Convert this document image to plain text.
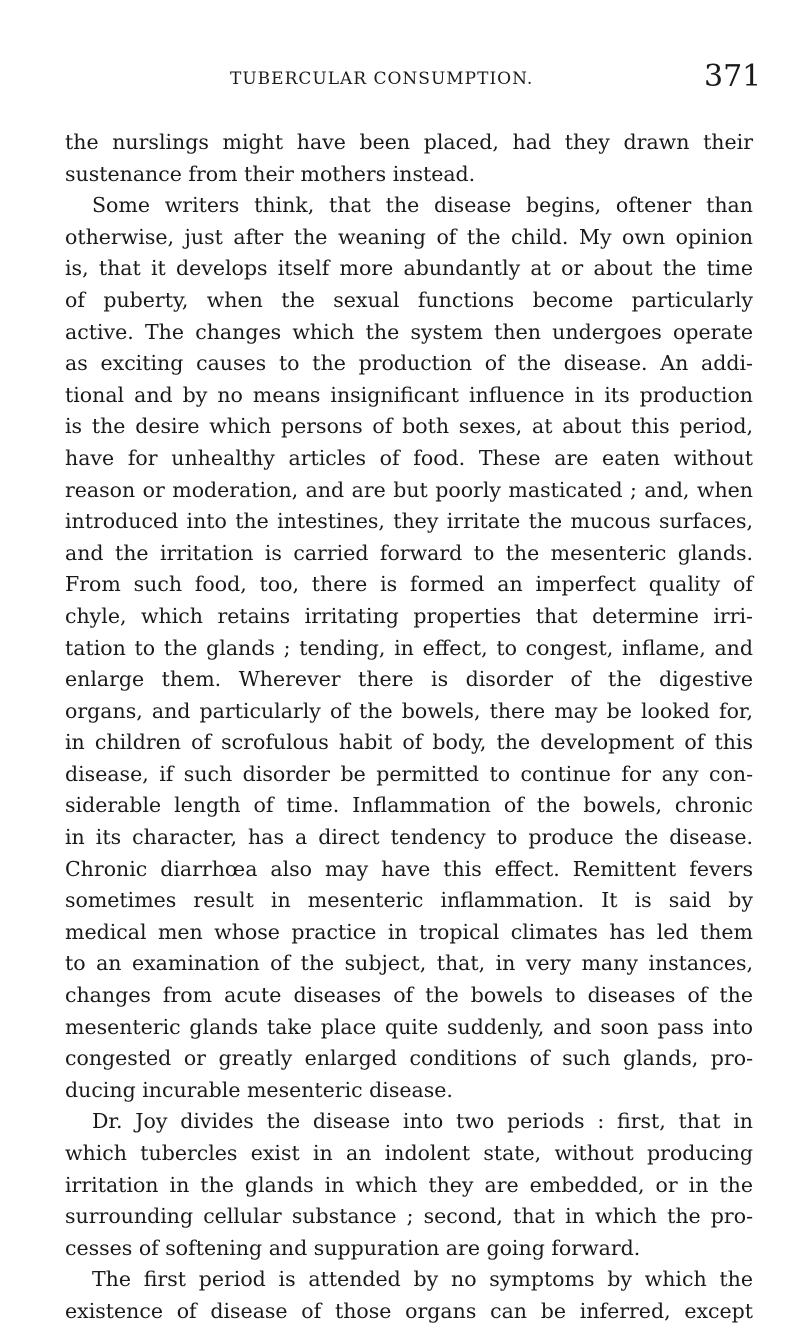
TUBERCULAR CONSUMPTION.	371
the nurslings might have been placed, had they drawn their
sustenance from their mothers instead.
Some writers think, that the disease begins, oftener than
otherwise, just after the weaning of the child. My own opinion
is, that it develops itself more abundantly at or about the time
of puberty, when the sexual functions become particularly
active. The changes which the system then undergoes operate
as exciting causes to the production of the disease. An addi-
tional and by no means insignificant influence in its production
is the desire which persons of both sexes, at about this period,
have for unhealthy articles of food. These are eaten without
reason or moderation, and are but poorly masticated ; and, when
introduced into the intestines, they irritate the mucous surfaces,
and the irritation is carried forward to the mesenteric glands.
From such food, too, there is formed an imperfect quality of
chyle, which retains irritating properties that determine irri-
tation to the glands ; tending, in effect, to congest, inflame, and
enlarge them. Wherever there is disorder of the digestive
organs, and particularly of the bowels, there may be looked for,
in children of scrofulous habit of body, the development of this
disease, if such disorder be permitted to continue for any con-
siderable length of time. Inflammation of the bowels, chronic
in its character, has a direct tendency to produce the disease.
Chronic diarrhœa also may have this effect. Remittent fevers
sometimes result in mesenteric inflammation. It is said by
medical men whose practice in tropical climates has led them
to an examination of the subject, that, in very many instances,
changes from acute diseases of the bowels to diseases of the
mesenteric glands take place quite suddenly, and soon pass into
congested or greatly enlarged conditions of such glands, pro-
ducing incurable mesenteric disease.
Dr. Joy divides the disease into two periods : first, that in
which tubercles exist in an indolent state, without producing
irritation in the glands in which they are embedded, or in the
surrounding cellular substance ; second, that in which the pro-
cesses of softening and suppuration are going forward.
The first period is attended by no symptoms by which the
existence of disease of those organs can be inferred, except
